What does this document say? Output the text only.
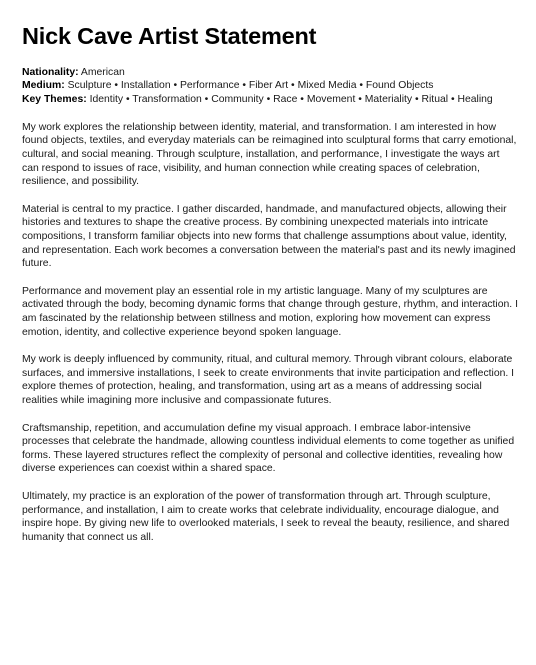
Nick Cave Artist Statement
Nationality: American
Medium: Sculpture • Installation • Performance • Fiber Art • Mixed Media • Found Objects
Key Themes: Identity • Transformation • Community • Race • Movement • Materiality • Ritual • Healing

My work explores the relationship between identity, material, and transformation. I am interested in how found objects, textiles, and everyday materials can be reimagined into sculptural forms that carry emotional, cultural, and social meaning. Through sculpture, installation, and performance, I investigate the ways art can respond to issues of race, visibility, and human connection while creating spaces of celebration, resilience, and possibility.

Material is central to my practice. I gather discarded, handmade, and manufactured objects, allowing their histories and textures to shape the creative process. By combining unexpected materials into intricate compositions, I transform familiar objects into new forms that challenge assumptions about value, identity, and representation. Each work becomes a conversation between the material's past and its newly imagined future.

Performance and movement play an essential role in my artistic language. Many of my sculptures are activated through the body, becoming dynamic forms that change through gesture, rhythm, and interaction. I am fascinated by the relationship between stillness and motion, exploring how movement can express emotion, identity, and collective experience beyond spoken language.

My work is deeply influenced by community, ritual, and cultural memory. Through vibrant colours, elaborate surfaces, and immersive installations, I seek to create environments that invite participation and reflection. I explore themes of protection, healing, and transformation, using art as a means of addressing social realities while imagining more inclusive and compassionate futures.

Craftsmanship, repetition, and accumulation define my visual approach. I embrace labor-intensive processes that celebrate the handmade, allowing countless individual elements to come together as unified forms. These layered structures reflect the complexity of personal and collective identities, revealing how diverse experiences can coexist within a shared space.

Ultimately, my practice is an exploration of the power of transformation through art. Through sculpture, performance, and installation, I aim to create works that celebrate individuality, encourage dialogue, and inspire hope. By giving new life to overlooked materials, I seek to reveal the beauty, resilience, and shared humanity that connect us all.
